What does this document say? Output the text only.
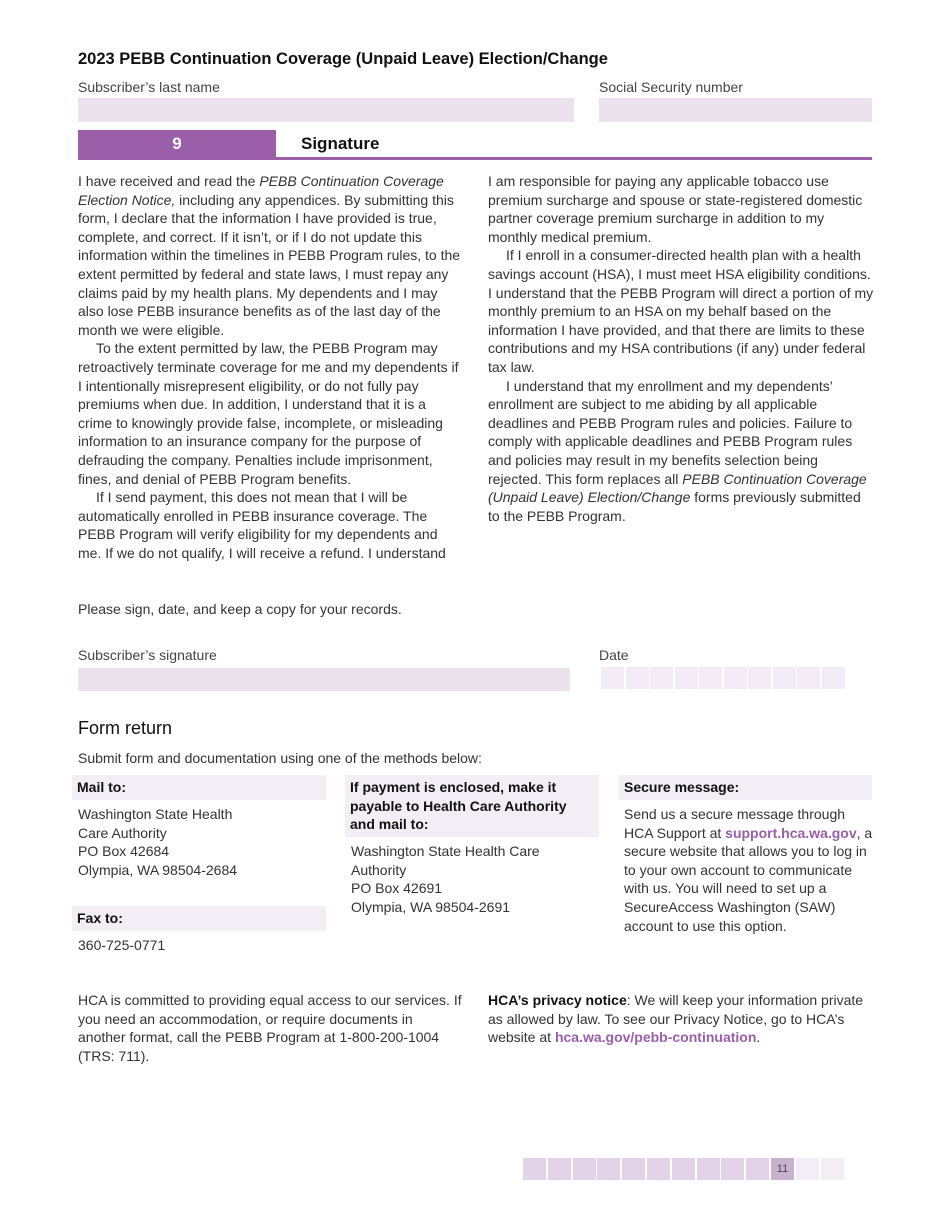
2023 PEBB Continuation Coverage (Unpaid Leave) Election/Change
Subscriber’s last name	Social Security number
9	Signature

I have received and read the PEBB Continuation Coverage Election Notice, including any appendices. By submitting this form, I declare that the information I have provided is true, complete, and correct. If it isn’t, or if I do not update this information within the timelines in PEBB Program rules, to the extent permitted by federal and state laws, I must repay any claims paid by my health plans. My dependents and I may also lose PEBB insurance benefits as of the last day of the month we were eligible.

To the extent permitted by law, the PEBB Program may retroactively terminate coverage for me and my dependents if I intentionally misrepresent eligibility, or do not fully pay premiums when due. In addition, I understand that it is a crime to knowingly provide false, incomplete, or misleading information to an insurance company for the purpose of defrauding the company. Penalties include imprisonment, fines, and denial of PEBB Program benefits.

If I send payment, this does not mean that I will be automatically enrolled in PEBB insurance coverage. The PEBB Program will verify eligibility for my dependents and me. If we do not qualify, I will receive a refund. I understand

I am responsible for paying any applicable tobacco use premium surcharge and spouse or state-registered domestic partner coverage premium surcharge in addition to my monthly medical premium.

If I enroll in a consumer-directed health plan with a health savings account (HSA), I must meet HSA eligibility conditions. I understand that the PEBB Program will direct a portion of my monthly premium to an HSA on my behalf based on the information I have provided, and that there are limits to these contributions and my HSA contributions (if any) under federal tax law.

I understand that my enrollment and my dependents’ enrollment are subject to me abiding by all applicable deadlines and PEBB Program rules and policies. Failure to comply with applicable deadlines and PEBB Program rules and policies may result in my benefits selection being rejected. This form replaces all PEBB Continuation Coverage (Unpaid Leave) Election/Change forms previously submitted to the PEBB Program.

Please sign, date, and keep a copy for your records.
Subscriber’s signature	Date
Form return
Submit form and documentation using one of the methods below:
Mail to:
Washington State Health
Care Authority
PO Box 42684
Olympia, WA 98504-2684
Fax to:
360-725-0771
If payment is enclosed, make it
payable to Health Care Authority
and mail to:
Washington State Health Care
Authority
PO Box 42691
Olympia, WA 98504-2691
Secure message:
Send us a secure message through HCA Support at support.hca.wa.gov, a secure website that allows you to log in to your own account to communicate with us. You will need to set up a SecureAccess Washington (SAW) account to use this option.
HCA is committed to providing equal access to our services. If you need an accommodation, or require documents in another format, call the PEBB Program at 1-800-200-1004 (TRS: 711).
HCA’s privacy notice: We will keep your information private as allowed by law. To see our Privacy Notice, go to HCA’s website at hca.wa.gov/pebb-continuation.
11
